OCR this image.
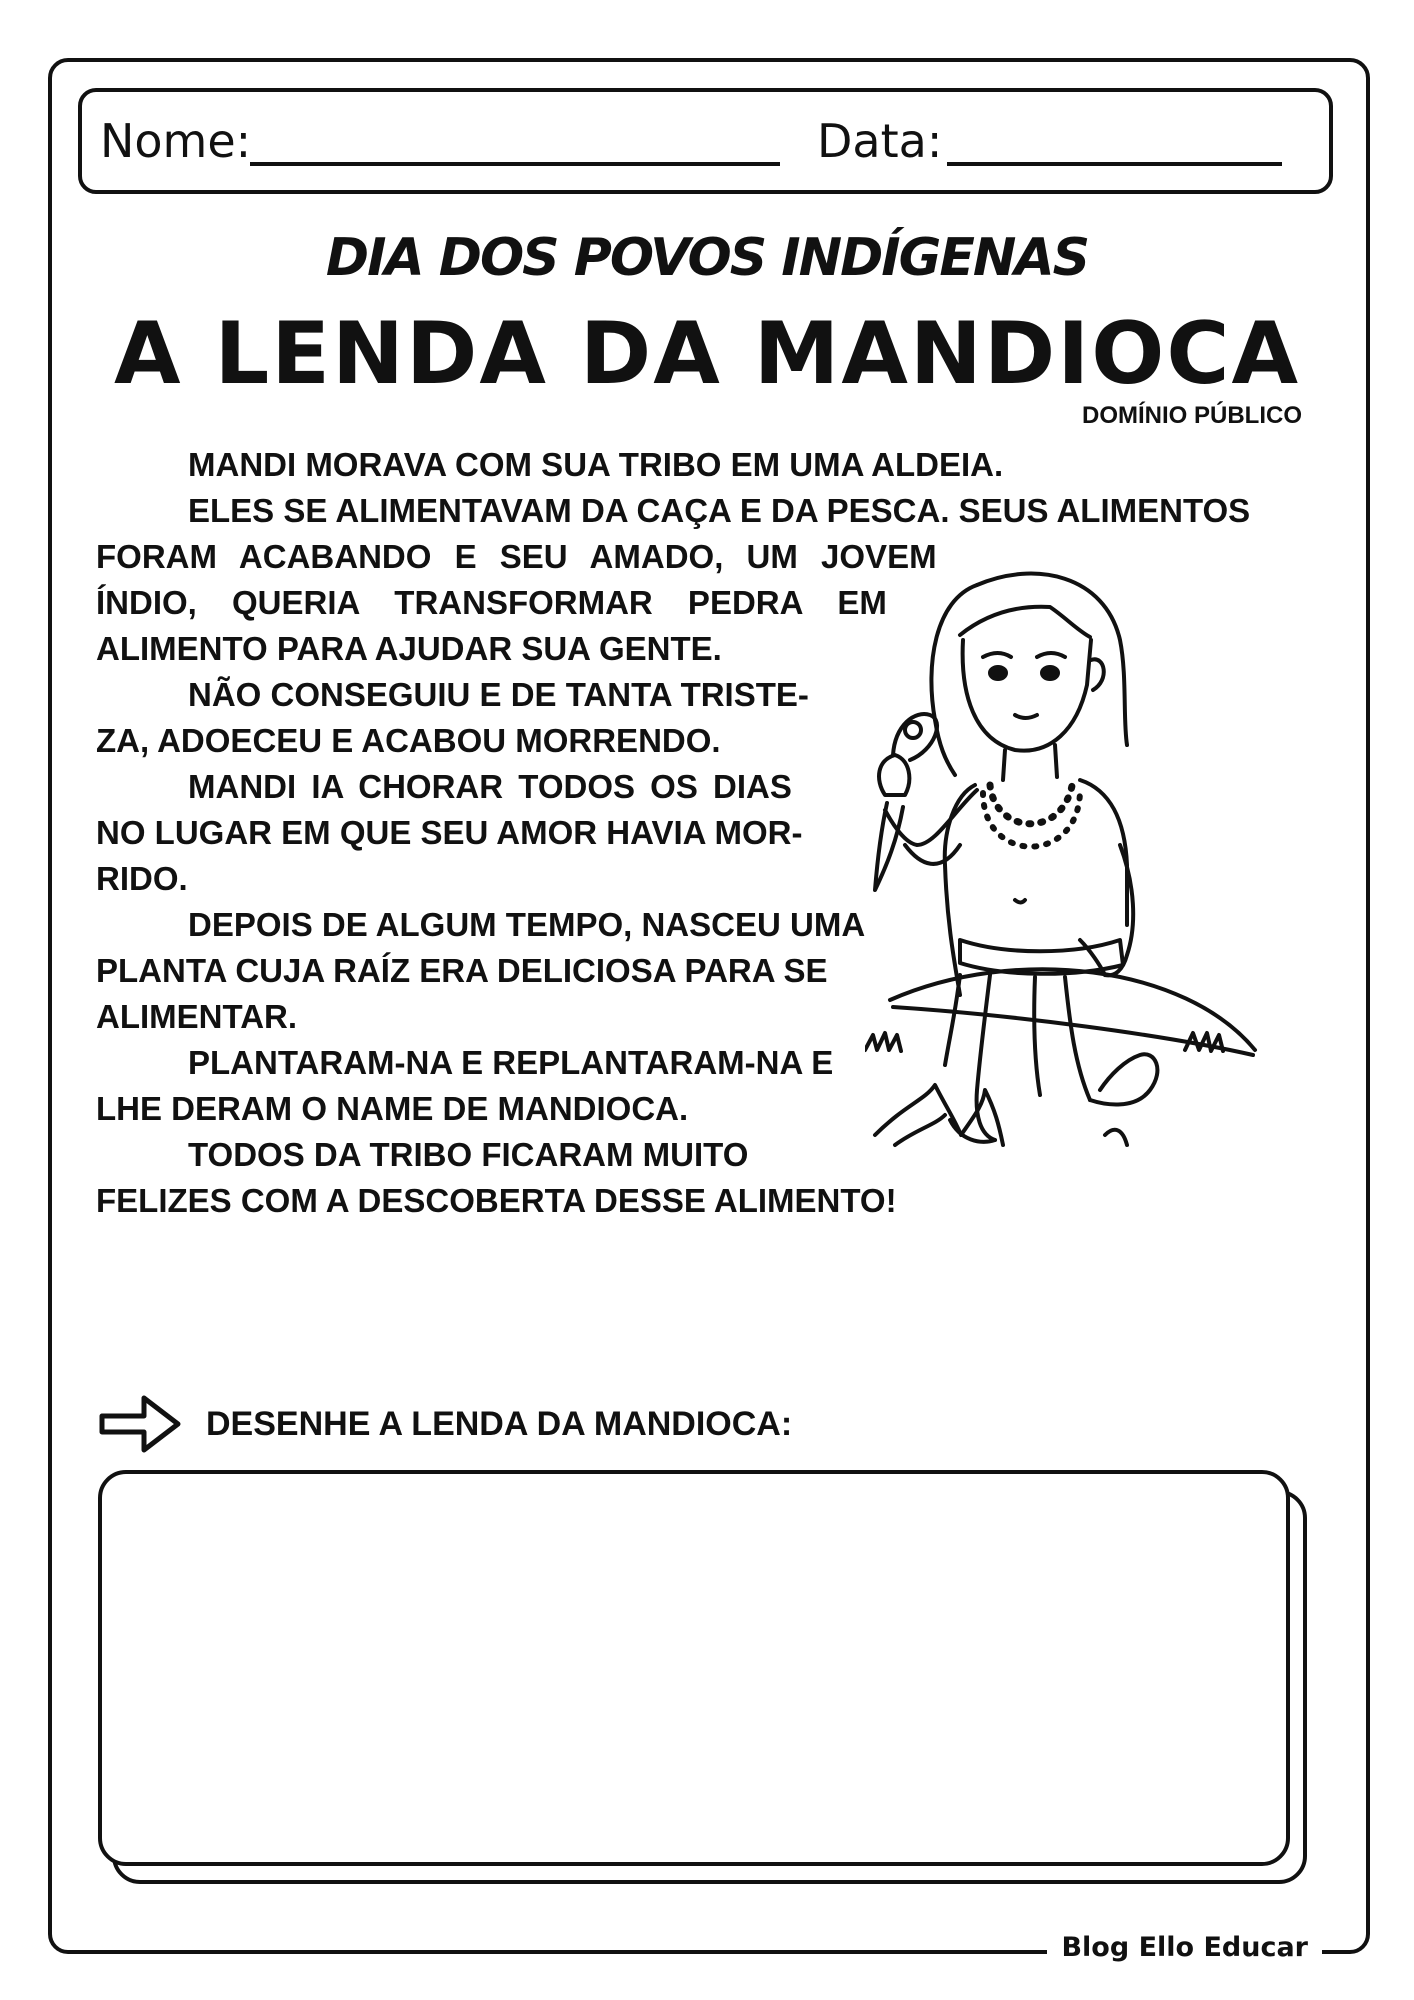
Nome:	Data:
DIA DOS POVOS INDÍGENAS
A LENDA DA MANDIOCA
DOMÍNIO PÚBLICO
MANDI MORAVA COM SUA TRIBO EM UMA ALDEIA.
ELES SE ALIMENTAVAM DA CAÇA E DA PESCA. SEUS ALIMENTOS
FORAM ACABANDO E SEU AMADO, UM JOVEM
ÍNDIO, QUERIA TRANSFORMAR PEDRA EM
ALIMENTO PARA AJUDAR SUA GENTE.
NÃO CONSEGUIU E DE TANTA TRISTE-
ZA, ADOECEU E ACABOU MORRENDO.
MANDI IA CHORAR TODOS OS DIAS
NO LUGAR EM QUE SEU AMOR HAVIA MOR-
RIDO.
DEPOIS DE ALGUM TEMPO, NASCEU UMA
PLANTA CUJA RAÍZ ERA DELICIOSA PARA SE
ALIMENTAR.
PLANTARAM-NA E REPLANTARAM-NA E
LHE DERAM O NAME DE MANDIOCA.
TODOS DA TRIBO FICARAM MUITO
FELIZES COM A DESCOBERTA DESSE ALIMENTO!
DESENHE A LENDA DA MANDIOCA:
Blog Ello Educar
